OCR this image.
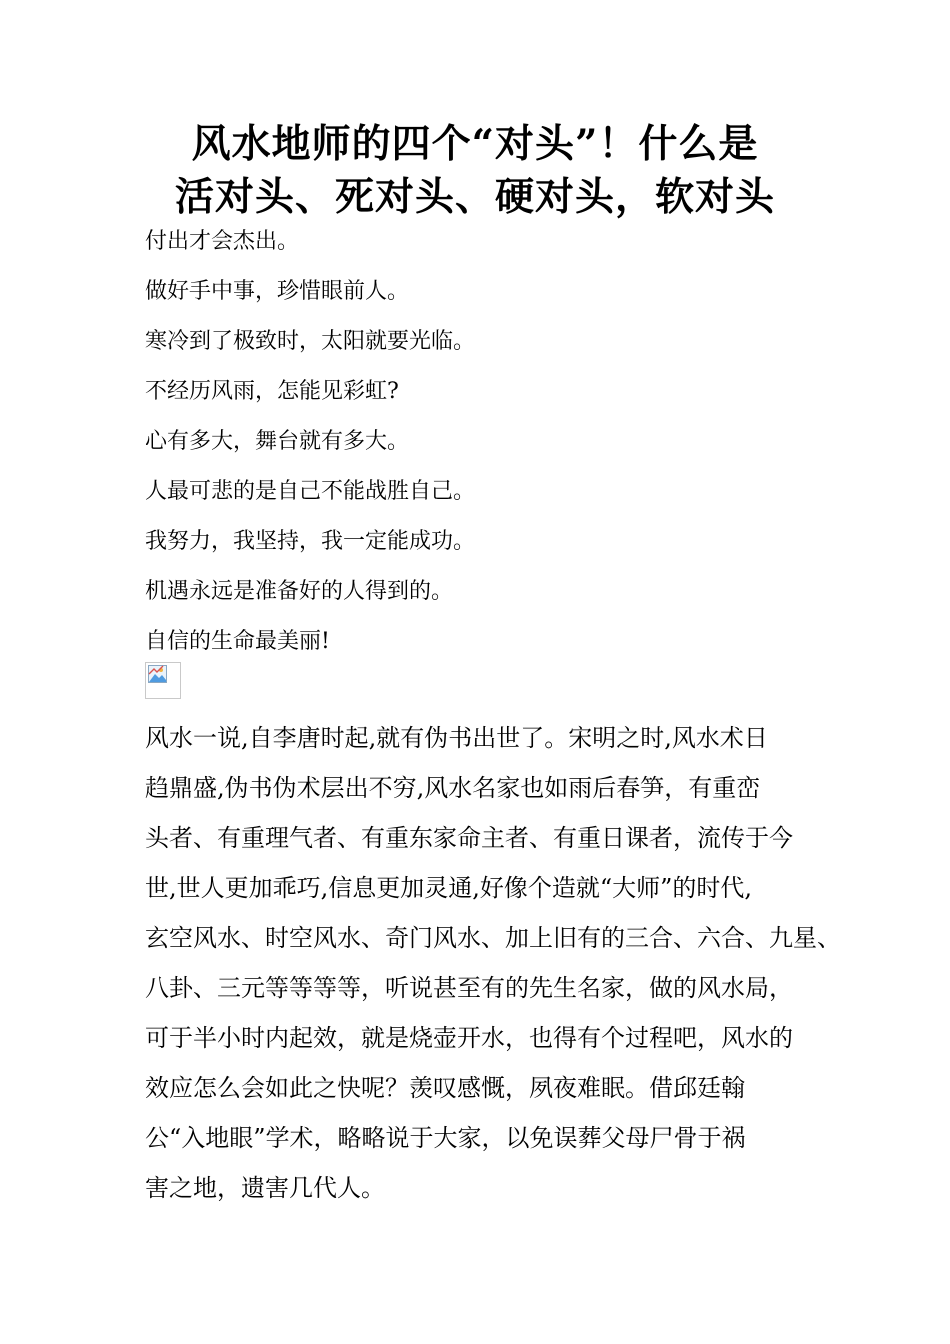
风水地师的四个“对头”！什么是
活对头、死对头、硬对头，软对头
付出才会杰出。
做好手中事，珍惜眼前人。
寒冷到了极致时，太阳就要光临。
不经历风雨，怎能见彩虹?
心有多大，舞台就有多大。
人最可悲的是自己不能战胜自己。
我努力，我坚持，我一定能成功。
机遇永远是准备好的人得到的。
自信的生命最美丽!

风水一说,自李唐时起,就有伪书出世了。宋明之时,风水术日
趋鼎盛,伪书伪术层出不穷,风水名家也如雨后春笋，有重峦
头者、有重理气者、有重东家命主者、有重日课者，流传于今
世,世人更加乖巧,信息更加灵通,好像个造就“大师”的时代,
玄空风水、时空风水、奇门风水、加上旧有的三合、六合、九星、
八卦、三元等等等等，听说甚至有的先生名家，做的风水局，
可于半小时内起效，就是烧壶开水，也得有个过程吧，风水的
效应怎么会如此之快呢？羡叹感慨，夙夜难眠。借邱廷翰
公“入地眼”学术，略略说于大家，以免误葬父母尸骨于祸
害之地，遗害几代人。
